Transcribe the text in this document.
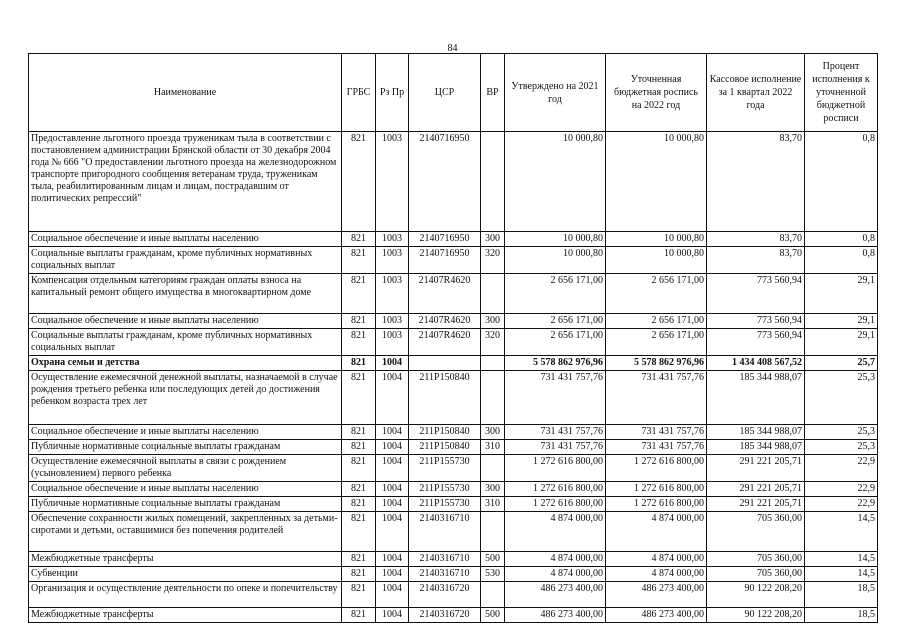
84
Наименование	ГРБС	Рз Пр	ЦСР	ВР	Утверждено на 2021 год	Уточненная бюджетная роспись на 2022 год	Кассовое исполнение за 1 квартал 2022 года	Процент исполнения к уточненной бюджетной росписи
Предоставление льготного проезда труженикам тыла в соответствии с постановлением администрации Брянской области от 30 декабря 2004 года № 666 "О предоставлении льготного проезда на железнодорожном транспорте пригородного сообщения ветеранам труда, труженикам тыла, реабилитированным лицам и лицам, пострадавшим от политических репрессий"	821	1003	2140716950		10 000,80	10 000,80	83,70	0,8
Социальное обеспечение и иные выплаты населению	821	1003	2140716950	300	10 000,80	10 000,80	83,70	0,8
Социальные выплаты гражданам, кроме публичных нормативных социальных выплат	821	1003	2140716950	320	10 000,80	10 000,80	83,70	0,8
Компенсация отдельным категориям граждан оплаты взноса на капитальный ремонт общего имущества в многоквартирном доме	821	1003	21407R4620		2 656 171,00	2 656 171,00	773 560,94	29,1
Социальное обеспечение и иные выплаты населению	821	1003	21407R4620	300	2 656 171,00	2 656 171,00	773 560,94	29,1
Социальные выплаты гражданам, кроме публичных нормативных социальных выплат	821	1003	21407R4620	320	2 656 171,00	2 656 171,00	773 560,94	29,1
Охрана семьи и детства	821	1004			5 578 862 976,96	5 578 862 976,96	1 434 408 567,52	25,7
Осуществление ежемесячной денежной выплаты, назначаемой в случае рождения третьего ребенка или последующих детей до достижения ребенком возраста трех лет	821	1004	211P150840		731 431 757,76	731 431 757,76	185 344 988,07	25,3
Социальное обеспечение и иные выплаты населению	821	1004	211P150840	300	731 431 757,76	731 431 757,76	185 344 988,07	25,3
Публичные нормативные социальные выплаты гражданам	821	1004	211P150840	310	731 431 757,76	731 431 757,76	185 344 988,07	25,3
Осуществление ежемесячной выплаты в связи с рождением (усыновлением) первого ребенка	821	1004	211P155730		1 272 616 800,00	1 272 616 800,00	291 221 205,71	22,9
Социальное обеспечение и иные выплаты населению	821	1004	211P155730	300	1 272 616 800,00	1 272 616 800,00	291 221 205,71	22,9
Публичные нормативные социальные выплаты гражданам	821	1004	211P155730	310	1 272 616 800,00	1 272 616 800,00	291 221 205,71	22,9
Обеспечение сохранности жилых помещений, закрепленных за детьми-сиротами и детьми, оставшимися без попечения родителей	821	1004	2140316710		4 874 000,00	4 874 000,00	705 360,00	14,5
Межбюджетные трансферты	821	1004	2140316710	500	4 874 000,00	4 874 000,00	705 360,00	14,5
Субвенции	821	1004	2140316710	530	4 874 000,00	4 874 000,00	705 360,00	14,5
Организация и осуществление деятельности по опеке и попечительству	821	1004	2140316720		486 273 400,00	486 273 400,00	90 122 208,20	18,5
Межбюджетные трансферты	821	1004	2140316720	500	486 273 400,00	486 273 400,00	90 122 208,20	18,5
